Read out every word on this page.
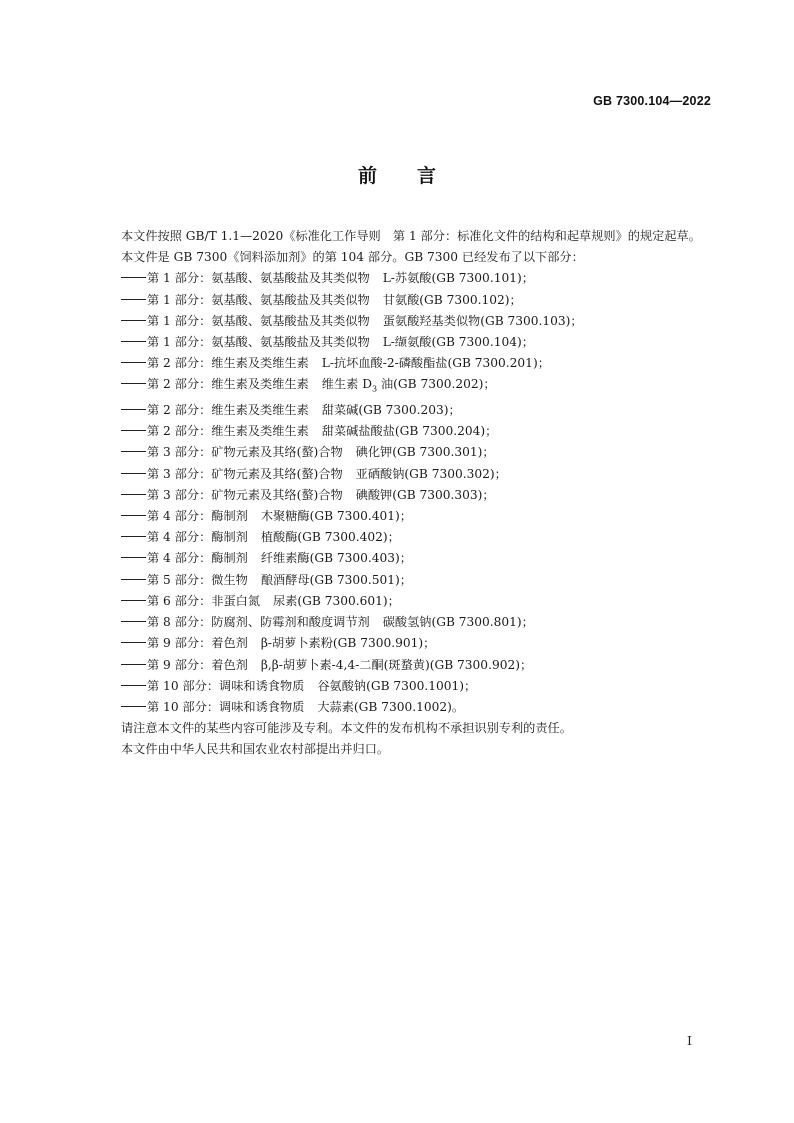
GB 7300.104—2022
前 言

本文件按照 GB/T 1.1—2020《标准化工作导则　第 1 部分：标准化文件的结构和起草规则》的规定起草。

本文件是 GB 7300《饲料添加剂》的第 104 部分。GB 7300 已经发布了以下部分：

第 1 部分：氨基酸、氨基酸盐及其类似物 L-苏氨酸(GB 7300.101)；
第 1 部分：氨基酸、氨基酸盐及其类似物 甘氨酸(GB 7300.102)；
第 1 部分：氨基酸、氨基酸盐及其类似物 蛋氨酸羟基类似物(GB 7300.103)；
第 1 部分：氨基酸、氨基酸盐及其类似物 L-缬氨酸(GB 7300.104)；
第 2 部分：维生素及类维生素 L-抗坏血酸-2-磷酸酯盐(GB 7300.201)；
第 2 部分：维生素及类维生素 维生素 $D_3$ 油(GB 7300.202)；
第 2 部分：维生素及类维生素 甜菜碱(GB 7300.203)；
第 2 部分：维生素及类维生素 甜菜碱盐酸盐(GB 7300.204)；
第 3 部分：矿物元素及其络(螯)合物 碘化钾(GB 7300.301)；
第 3 部分：矿物元素及其络(螯)合物 亚硒酸钠(GB 7300.302)；
第 3 部分：矿物元素及其络(螯)合物 碘酸钾(GB 7300.303)；
第 4 部分：酶制剂 木聚糖酶(GB 7300.401)；
第 4 部分：酶制剂 植酸酶(GB 7300.402)；
第 4 部分：酶制剂 纤维素酶(GB 7300.403)；
第 5 部分：微生物 酿酒酵母(GB 7300.501)；
第 6 部分：非蛋白氮 尿素(GB 7300.601)；
第 8 部分：防腐剂、防霉剂和酸度调节剂 碳酸氢钠(GB 7300.801)；
第 9 部分：着色剂 β-胡萝卜素粉(GB 7300.901)；
第 9 部分：着色剂 β,β-胡萝卜素-4,4-二酮(斑蝥黄)(GB 7300.902)；
第 10 部分：调味和诱食物质 谷氨酸钠(GB 7300.1001)；
第 10 部分：调味和诱食物质 大蒜素(GB 7300.1002)。

请注意本文件的某些内容可能涉及专利。本文件的发布机构不承担识别专利的责任。

本文件由中华人民共和国农业农村部提出并归口。

I
